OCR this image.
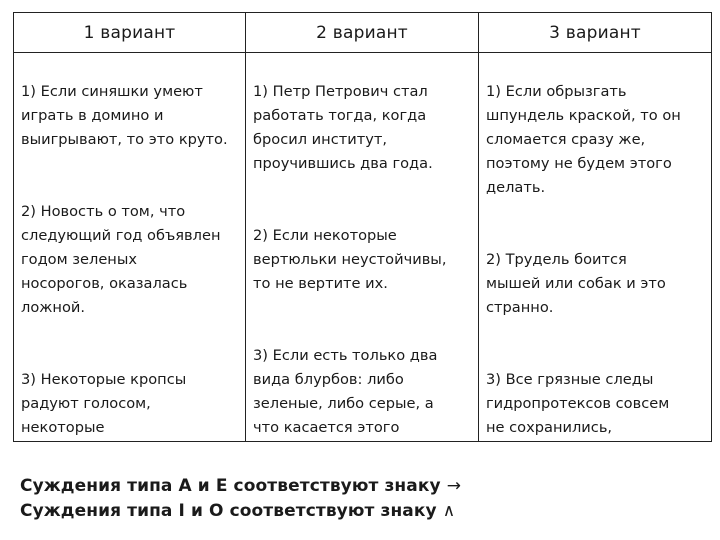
1 вариант	2 вариант	3 вариант

1) Если синяшки умеют
играть в домино и
выигрывают, то это круто.

2) Новость о том, что
следующий год объявлен
годом зеленых
носорогов, оказалась
ложной.

3) Некоторые кропсы
радуют голосом,
некоторые

1) Петр Петрович стал
работать тогда, когда
бросил институт,
проучившись два года.

2) Если некоторые
вертюльки неустойчивы,
то не вертите их.

3) Если есть только два
вида блурбов: либо
зеленые, либо серые, а
что касается этого

1) Если обрызгать
шпундель краской, то он
сломается сразу же,
поэтому не будем этого
делать.

2) Трудель боится
мышей или собак и это
странно.

3) Все грязные следы
гидропротексов совсем
не сохранились,

Суждения типа А и Е соответствуют знаку →
Суждения типа I и O соответствуют знаку ∧
